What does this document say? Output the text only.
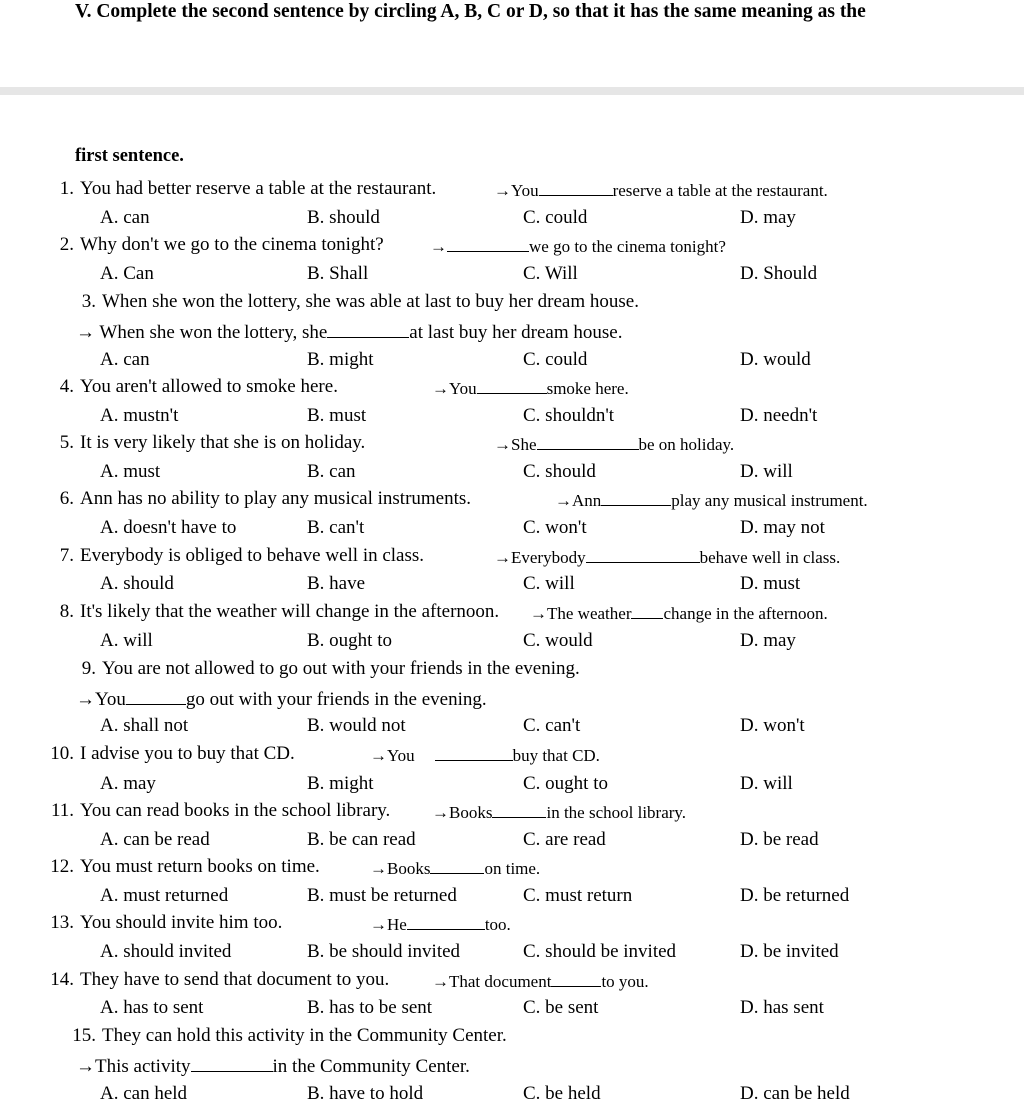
V. Complete the second sentence by circling A, B, C or D, so that it has the same meaning as the
first sentence.
1. You had better reserve a table at the restaurant.	→You	reserve a table at the restaurant.
A. can	B. should	C. could	D. may
2. Why don't we go to the cinema tonight?	→	we go to the cinema tonight?
A. Can	B. Shall	C. Will	D. Should
3. When she won the lottery, she was able at last to buy her dream house.
→ When she won the lottery, she	at last buy her dream house.
A. can	B. might	C. could	D. would
4. You aren't allowed to smoke here.	→You	smoke here.
A. mustn't	B. must	C. shouldn't	D. needn't
5. It is very likely that she is on holiday.	→She	be on holiday.
A. must	B. can	C. should	D. will
6. Ann has no ability to play any musical instruments.	→Ann	play any musical instrument.
A. doesn't have to	B. can't	C. won't	D. may not
7. Everybody is obliged to behave well in class.	→Everybody	behave well in class.
A. should	B. have	C. will	D. must
8. It's likely that the weather will change in the afternoon. →The weather change in the afternoon.
A. will	B. ought to	C. would	D. may
9. You are not allowed to go out with your friends in the evening.
→You	go out with your friends in the evening.
A. shall not	B. would not	C. can't	D. won't
10. I advise you to buy that CD.	→You	buy that CD.
A. may	B. might	C. ought to	D. will
11. You can read books in the school library. →Books	in the school library.
A. can be read	B. be can read	C. are read	D. be read
12. You must return books on time.	→Books	on time.
A. must returned	B. must be returned	C. must return	D. be returned
13. You should invite him too.	→He	too.
A. should invited	B. be should invited	C. should be invited	D. be invited
14. They have to send that document to you.	→That document	to you.
A. has to sent	B. has to be sent	C. be sent	D. has sent
15. They can hold this activity in the Community Center.
→This activity	in the Community Center.
A. can held	B. have to hold	C. be held	D. can be held
